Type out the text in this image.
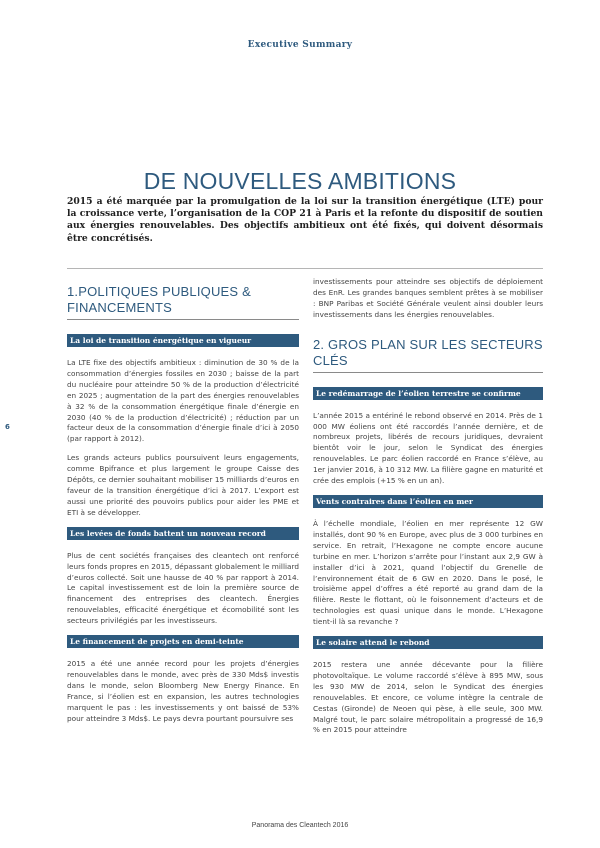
Executive Summary
6
DE NOUVELLES AMBITIONS
2015 a été marquée par la promulgation de la loi sur la transition énergétique (LTE) pour la croissance verte, l’organisation de la COP 21 à Paris et la refonte du dispositif de soutien aux énergies renouvelables. Des objectifs ambitieux ont été fixés, qui doivent désormais être concrétisés.
1.POLITIQUES PUBLIQUES & FINANCEMENTS
La loi de transition énergétique en vigueur

La LTE fixe des objectifs ambitieux : diminution de 30 % de la consommation d’énergies fossiles en 2030 ; baisse de la part du nucléaire pour atteindre 50 % de la production d’électricité en 2025 ; augmentation de la part des énergies renouvelables à 32 % de la consommation énergétique finale d’énergie en 2030 (40 % de la production d’électricité) ; réduction par un facteur deux de la consommation d’énergie finale d’ici à 2050 (par rapport à 2012).

Les grands acteurs publics poursuivent leurs engagements, comme Bpifrance et plus largement le groupe Caisse des Dépôts, ce dernier souhaitant mobiliser 15 milliards d’euros en faveur de la transition énergétique d’ici à 2017. L’export est aussi une priorité des pouvoirs publics pour aider les PME et ETI à se développer.

Les levées de fonds battent un nouveau record

Plus de cent sociétés françaises des cleantech ont renforcé leurs fonds propres en 2015, dépassant globalement le milliard d’euros collecté. Soit une hausse de 40 % par rapport à 2014. Le capital investissement est de loin la première source de financement des entreprises des cleantech. Énergies renouvelables, efficacité énergétique et écomobilité sont les secteurs privilégiés par les investisseurs.

Le financement de projets en demi-teinte

2015 a été une année record pour les projets d’énergies renouvelables dans le monde, avec près de 330 Mds$ investis dans le monde, selon Bloomberg New Energy Finance. En France, si l’éolien est en expansion, les autres technologies marquent le pas : les investissements y ont baissé de 53% pour atteindre 3 Mds$. Le pays devra pourtant poursuivre ses

investissements pour atteindre ses objectifs de déploiement des EnR. Les grandes banques semblent prêtes à se mobiliser : BNP Paribas et Société Générale veulent ainsi doubler leurs investissements dans les énergies renouvelables.

2. GROS PLAN SUR LES SECTEURS CLÉS
Le redémarrage de l’éolien terrestre se confirme

L’année 2015 a entériné le rebond observé en 2014. Près de 1 000 MW éoliens ont été raccordés l’année dernière, et de nombreux projets, libérés de recours juridiques, devraient bientôt voir le jour, selon le Syndicat des énergies renouvelables. Le parc éolien raccordé en France s’élève, au 1er janvier 2016, à 10 312 MW. La filière gagne en maturité et crée des emplois (+15 % en un an).

Vents contraires dans l’éolien en mer

À l’échelle mondiale, l’éolien en mer représente 12 GW installés, dont 90 % en Europe, avec plus de 3 000 turbines en service. En retrait, l’Hexagone ne compte encore aucune turbine en mer. L’horizon s’arrête pour l’instant aux 2,9 GW à installer d’ici à 2021, quand l’objectif du Grenelle de l’environnement était de 6 GW en 2020. Dans le posé, le troisième appel d’offres a été reporté au grand dam de la filière. Reste le flottant, où le foisonnement d’acteurs et de technologies est quasi unique dans le monde. L’Hexagone tient-il là sa revanche ?

Le solaire attend le rebond

2015 restera une année décevante pour la filière photovoltaïque. Le volume raccordé s’élève à 895 MW, sous les 930 MW de 2014, selon le Syndicat des énergies renouvelables. Et encore, ce volume intègre la centrale de Cestas (Gironde) de Neoen qui pèse, à elle seule, 300 MW. Malgré tout, le parc solaire métropolitain a progressé de 16,9 % en 2015 pour atteindre

Panorama des Cleantech 2016
